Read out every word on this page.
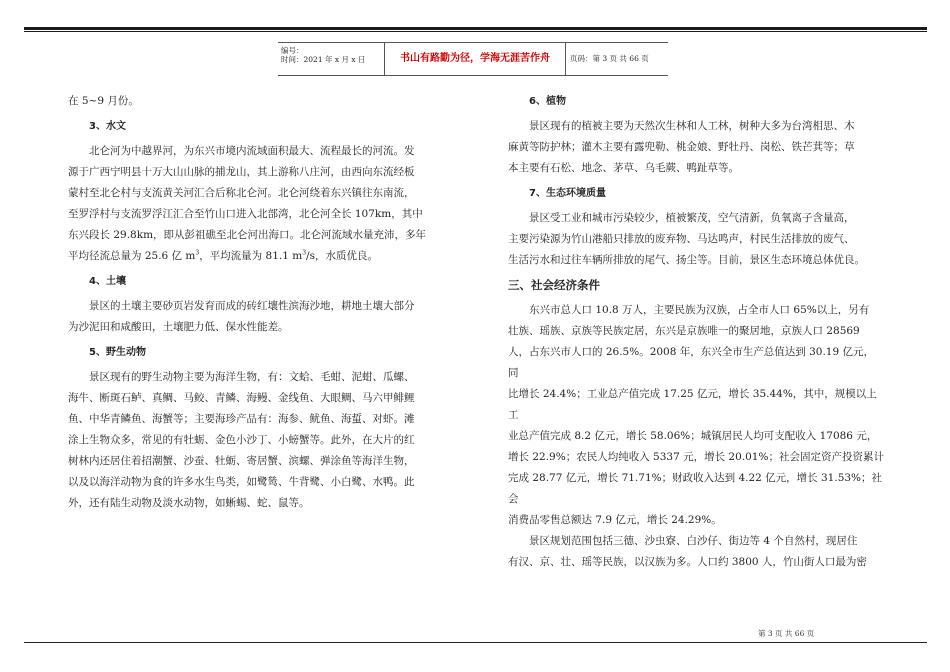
编号：
时间：2021 年 x 月 x 日	书山有路勤为径，学海无涯苦作舟	页码：第 3 页 共 66 页

在 5~9 月份。

3、水文

北仑河为中越界河，为东兴市境内流域面积最大、流程最长的河流。发

源于广西宁明县十万大山山脉的捕龙山，其上游称八庄河，由西向东流经板

蒙村至北仑村与支流黄关河汇合后称北仑河。北仑河绕着东兴镇往东南流，

至罗浮村与支流罗浮江汇合至竹山口进入北部湾，北仑河全长 107km，其中

东兴段长 29.8km，即从彭祖礁至北仑河出海口。北仑河流域水量充沛，多年

平均径流总量为 25.6 亿 $m^3$，平均流量为 81.1 $m^3/s$，水质优良。

4、土壤

景区的土壤主要砂页岩发育而成的砖红壤性滨海沙地，耕地土壤大部分

为沙泥田和咸酸田，土壤肥力低、保水性能差。

5、野生动物

景区现有的野生动物主要为海洋生物，有：文蛤、毛蚶、泥蚶、瓜螺、

海牛、断斑石鲈、真鲷、马鲛、青鳞、海鳗、金线鱼、大眼鲷、马六甲鲱鲤

鱼、中华青鳞鱼、海蟹等；主要海珍产品有：海参、鱿鱼、海蜇、对虾。滩

涂上生物众多，常见的有牡蛎、金色小沙丁、小螃蟹等。此外，在大片的红

树林内还居住着招潮蟹、沙蚕、牡蛎、寄居蟹、滨螺、弹涂鱼等海洋生物，

以及以海洋动物为食的许多水生鸟类，如鹭鸶、牛背鹭、小白鹭、水鸭。此

外，还有陆生动物及淡水动物，如蜥蜴、蛇、鼠等。

6、植物

景区现有的植被主要为天然次生林和人工林，树种大多为台湾相思、木

麻黄等防护林；灌木主要有露兜勒、桃金娘、野牡丹、岗松、铁芒萁等；草

本主要有石松、地念、茅草、乌毛蕨、鸭趾草等。

7、生态环境质量

景区受工业和城市污染较少，植被繁茂，空气清新，负氧离子含量高，

主要污染源为竹山港船只排放的废弃物、马达鸣声，村民生活排放的废气、

生活污水和过往车辆所排放的尾气、扬尘等。目前，景区生态环境总体优良。

三、社会经济条件

东兴市总人口 10.8 万人，主要民族为汉族，占全市人口 65%以上，另有

壮族、瑶族、京族等民族定居，东兴是京族唯一的聚居地，京族人口 28569

人，占东兴市人口的 26.5%。2008 年，东兴全市生产总值达到 30.19 亿元，同

比增长 24.4%；工业总产值完成 17.25 亿元，增长 35.44%，其中，规模以上工

业总产值完成 8.2 亿元，增长 58.06%；城镇居民人均可支配收入 17086 元，

增长 22.9%；农民人均纯收入 5337 元，增长 20.01%；社会固定资产投资累计

完成 28.77 亿元，增长 71.71%；财政收入达到 4.22 亿元，增长 31.53%；社会

消费品零售总额达 7.9 亿元，增长 24.29%。

景区规划范围包括三德、沙虫寮、白沙仔、街边等 4 个自然村，现居住

有汉、京、壮、瑶等民族，以汉族为多。人口约 3800 人，竹山街人口最为密

第 3 页 共 66 页
